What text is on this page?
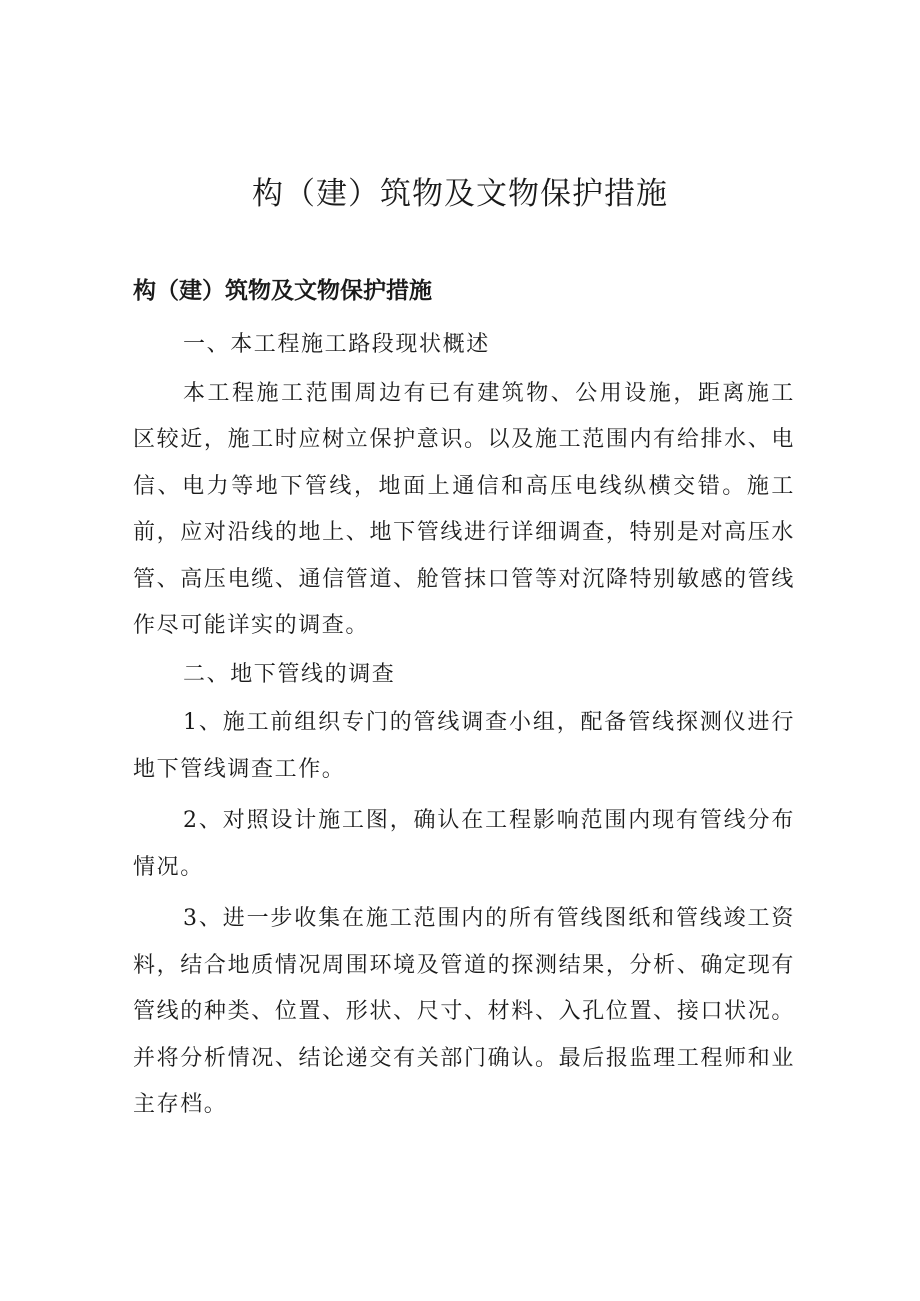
构（建）筑物及文物保护措施
构（建）筑物及文物保护措施

一、本工程施工路段现状概述

本工程施工范围周边有已有建筑物、公用设施，距离施工区较近，施工时应树立保护意识。以及施工范围内有给排水、电信、电力等地下管线，地面上通信和高压电线纵横交错。施工前，应对沿线的地上、地下管线进行详细调查，特别是对高压水管、高压电缆、通信管道、舱管抹口管等对沉降特别敏感的管线作尽可能详实的调查。

二、地下管线的调查

1、施工前组织专门的管线调查小组，配备管线探测仪进行地下管线调查工作。

2、对照设计施工图，确认在工程影响范围内现有管线分布情况。

3、进一步收集在施工范围内的所有管线图纸和管线竣工资料，结合地质情况周围环境及管道的探测结果，分析、确定现有管线的种类、位置、形状、尺寸、材料、入孔位置、接口状况。并将分析情况、结论递交有关部门确认。最后报监理工程师和业主存档。
